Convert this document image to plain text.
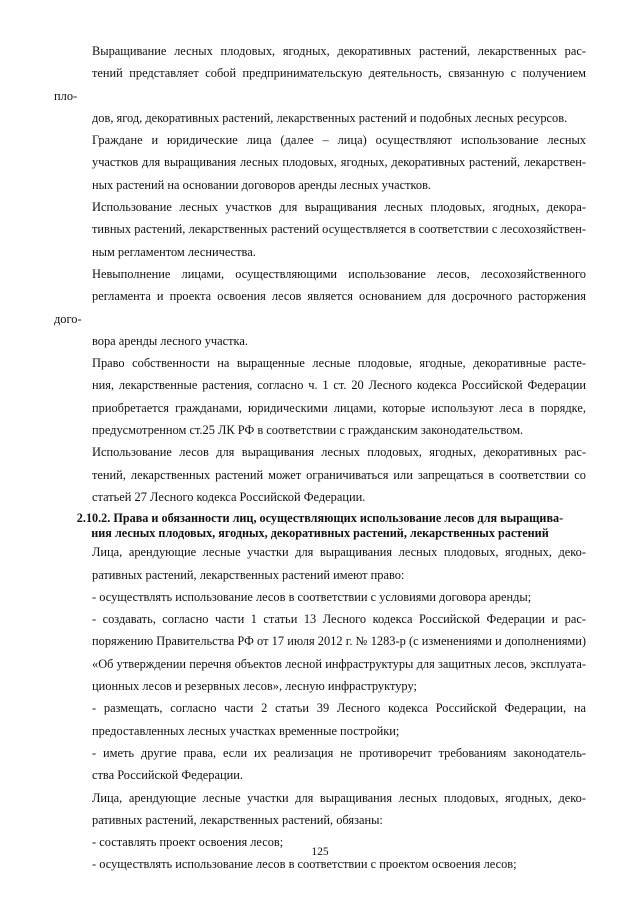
Выращивание лесных плодовых, ягодных, декоративных растений, лекарственных рас-
тений представляет собой предпринимательскую деятельность, связанную с получением пло-
дов, ягод, декоративных растений, лекарственных растений и подобных лесных ресурсов.

Граждане и юридические лица (далее – лица) осуществляют использование лесных
участков для выращивания лесных плодовых, ягодных, декоративных растений, лекарствен-
ных растений на основании договоров аренды лесных участков.

Использование лесных участков для выращивания лесных плодовых, ягодных, декора-
тивных растений, лекарственных растений осуществляется в соответствии с лесохозяйствен-
ным регламентом лесничества.

Невыполнение лицами, осуществляющими использование лесов, лесохозяйственного
регламента и проекта освоения лесов является основанием для досрочного расторжения дого-
вора аренды лесного участка.

Право собственности на выращенные лесные плодовые, ягодные, декоративные расте-
ния, лекарственные растения, согласно ч. 1 ст. 20 Лесного кодекса Российской Федерации
приобретается гражданами, юридическими лицами, которые используют леса в порядке,
предусмотренном ст.25 ЛК РФ в соответствии с гражданским законодательством.

Использование лесов для выращивания лесных плодовых, ягодных, декоративных рас-
тений, лекарственных растений может ограничиваться или запрещаться в соответствии со
статьей 27 Лесного кодекса Российской Федерации.

2.10.2. Права и обязанности лиц, осуществляющих использование лесов для выращива-
ния лесных плодовых, ягодных, декоративных растений, лекарственных растений

Лица, арендующие лесные участки для выращивания лесных плодовых, ягодных, деко-
ративных растений, лекарственных растений имеют право:

- осуществлять использование лесов в соответствии с условиями договора аренды;

- создавать, согласно части 1 статьи 13 Лесного кодекса Российской Федерации и рас-
поряжению Правительства РФ от 17 июля 2012 г. № 1283-р (с изменениями и дополнениями)
«Об утверждении перечня объектов лесной инфраструктуры для защитных лесов, эксплуата-
ционных лесов и резервных лесов», лесную инфраструктуру;

- размещать, согласно части 2 статьи 39 Лесного кодекса Российской Федерации, на
предоставленных лесных участках временные постройки;

- иметь другие права, если их реализация не противоречит требованиям законодатель-
ства Российской Федерации.

Лица, арендующие лесные участки для выращивания лесных плодовых, ягодных, деко-
ративных растений, лекарственных растений, обязаны:

- составлять проект освоения лесов;

- осуществлять использование лесов в соответствии с проектом освоения лесов;

125
